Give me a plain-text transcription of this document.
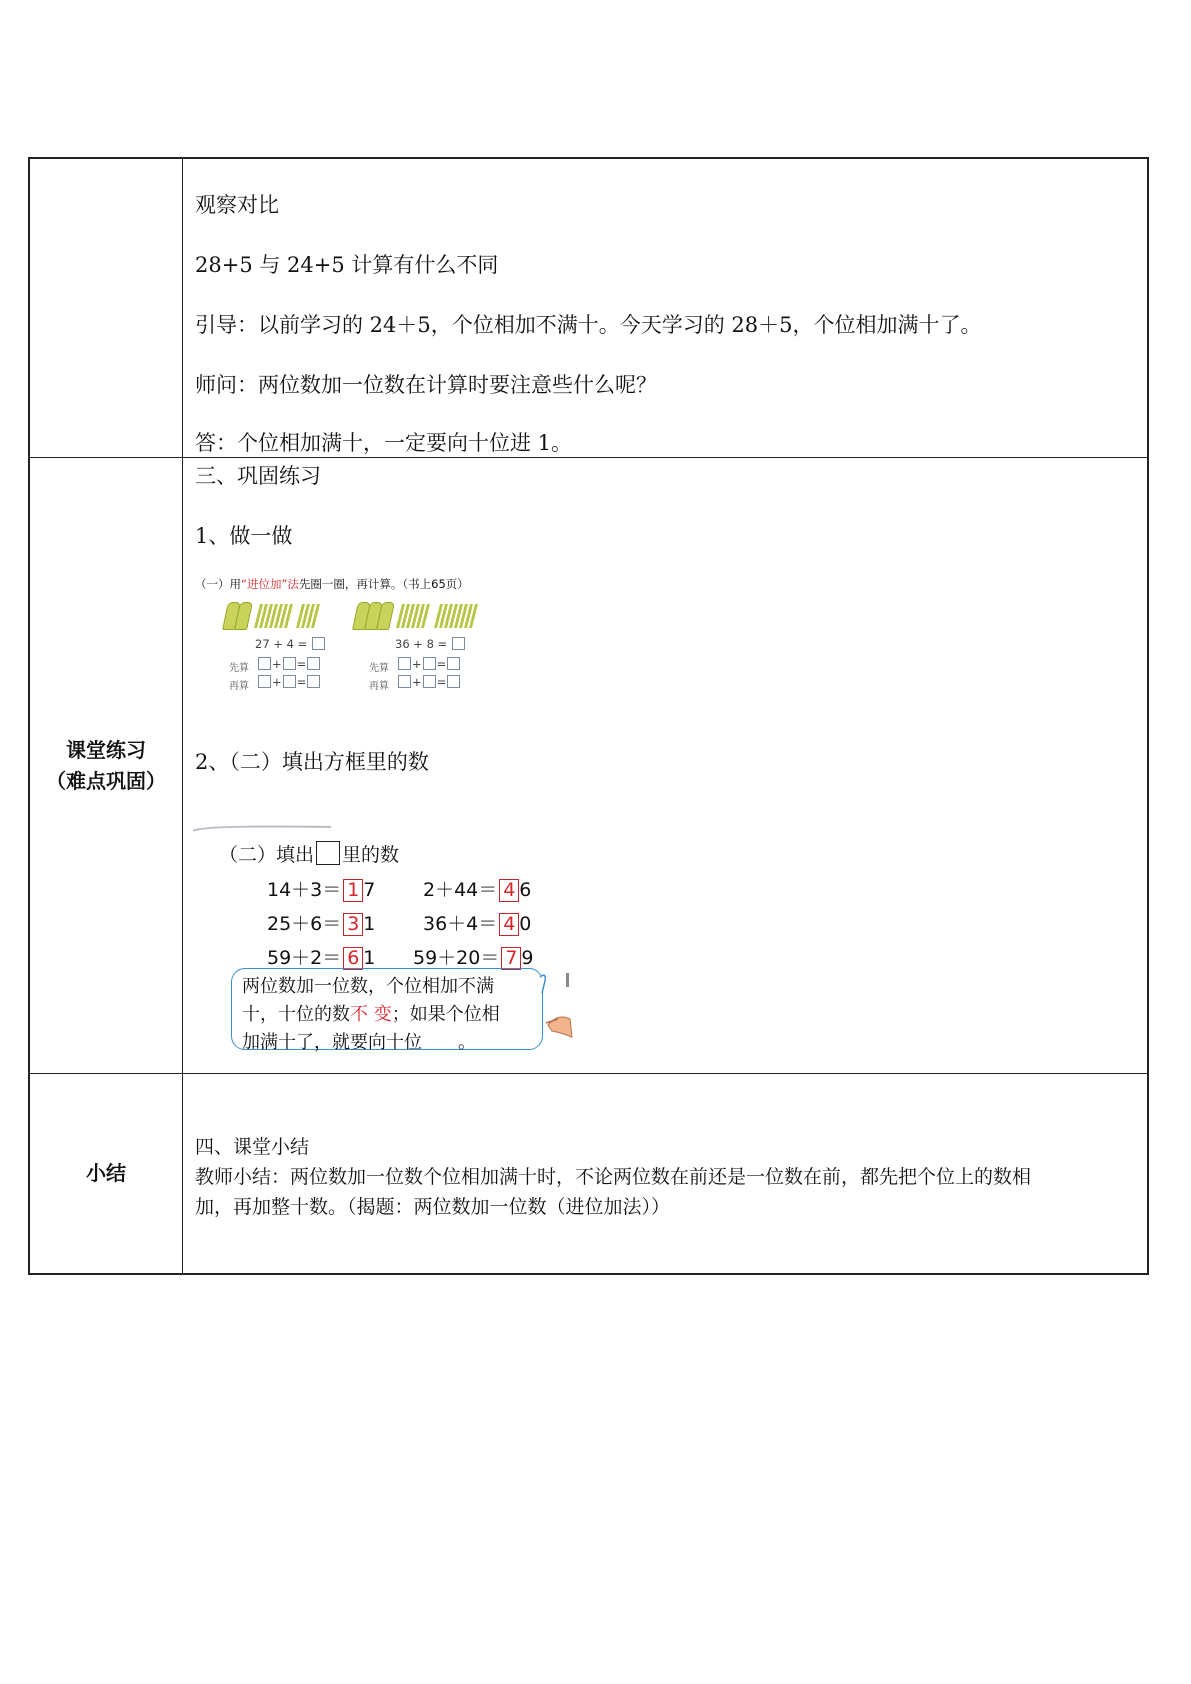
观察对比
28+5 与 24+5 计算有什么不同
引导：以前学习的 24＋5，个位相加不满十。今天学习的 28＋5，个位相加满十了。
师问：两位数加一位数在计算时要注意些什么呢？
答：个位相加满十，一定要向十位进 1。
课堂练习
（难点巩固）
三、巩固练习
1、做一做
（一）用“进位加”法先圈一圈，再计算。（书上65页）
27 + 4 =	36 + 8 =
先算	+ =
再算	+ =
先算	+ =
再算	+ =
2、（二）填出方框里的数
（二）填出 里的数
14＋3＝ 1 7	2＋44＝ 4 6
25＋6＝ 3 1	36＋4＝ 4 0
59＋2＝ 6 1 59＋20＝ 7 9
两位数加一位数，个位相加不满
十，十位的数不 变；如果个位相
加满十了，就要向十位　　。
小结
四、课堂小结
教师小结：两位数加一位数个位相加满十时，不论两位数在前还是一位数在前，都先把个位上的数相
加，再加整十数。（揭题：两位数加一位数（进位加法））
